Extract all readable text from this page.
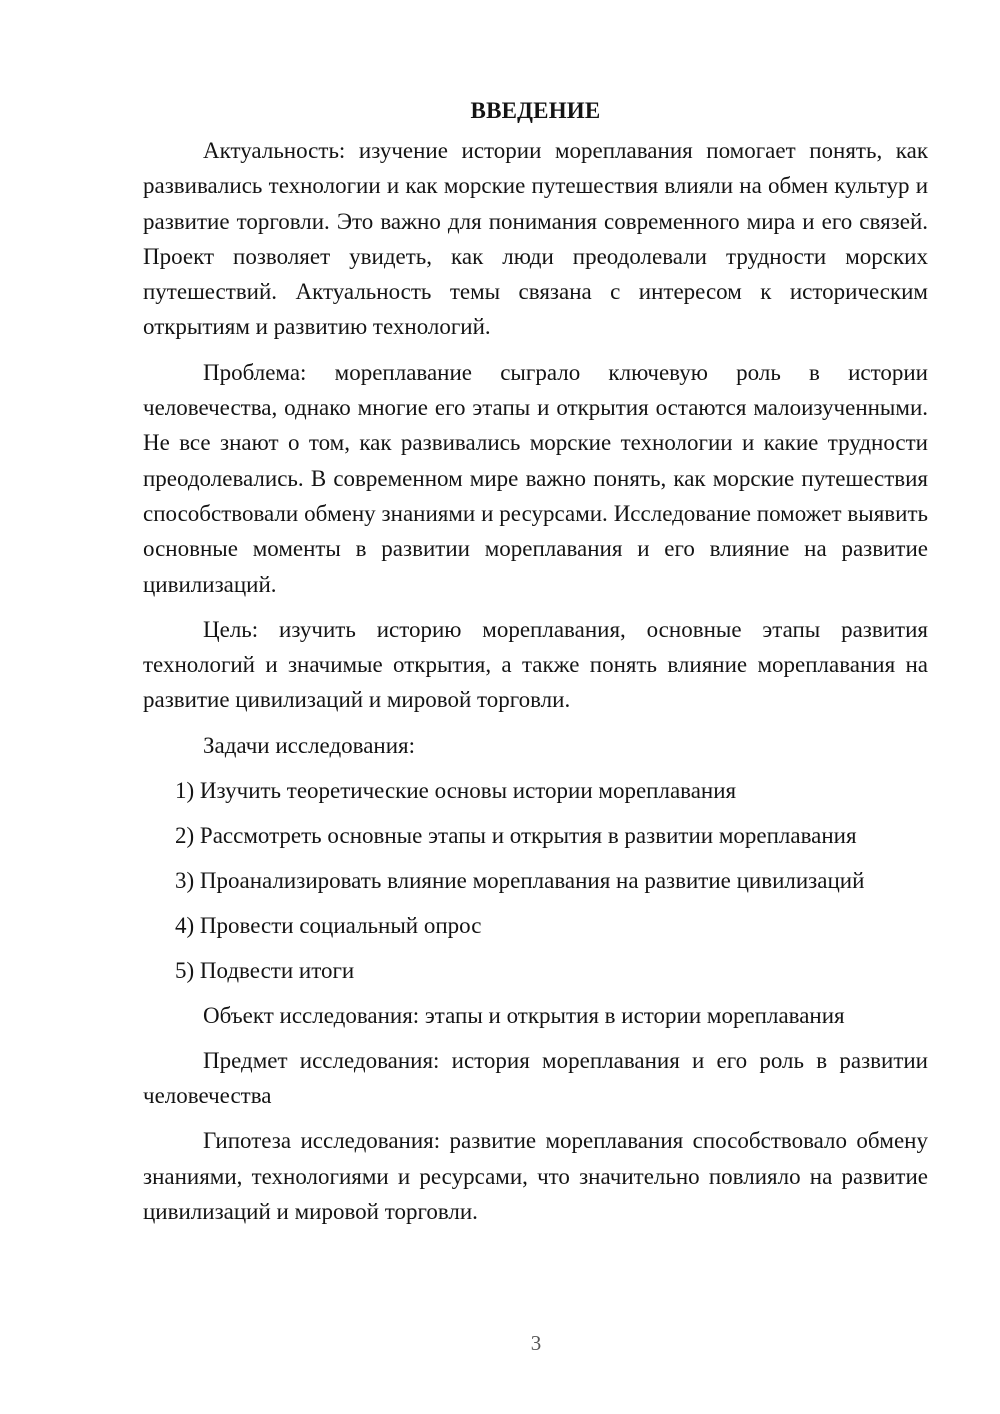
ВВЕДЕНИЕ

Актуальность: изучение истории мореплавания помогает понять, как развивались технологии и как морские путешествия влияли на обмен культур и развитие торговли. Это важно для понимания современного мира и его связей. Проект позволяет увидеть, как люди преодолевали трудности морских путешествий. Актуальность темы связана с интересом к историческим открытиям и развитию технологий.

Проблема: мореплавание сыграло ключевую роль в истории человечества, однако многие его этапы и открытия остаются малоизученными. Не все знают о том, как развивались морские технологии и какие трудности преодолевались. В современном мире важно понять, как морские путешествия способствовали обмену знаниями и ресурсами. Исследование поможет выявить основные моменты в развитии мореплавания и его влияние на развитие цивилизаций.

Цель: изучить историю мореплавания, основные этапы развития технологий и значимые открытия, а также понять влияние мореплавания на развитие цивилизаций и мировой торговли.

Задачи исследования:

1) Изучить теоретические основы истории мореплавания

2) Рассмотреть основные этапы и открытия в развитии мореплавания

3) Проанализировать влияние мореплавания на развитие цивилизаций

4) Провести социальный опрос

5) Подвести итоги

Объект исследования: этапы и открытия в истории мореплавания

Предмет исследования: история мореплавания и его роль в развитии человечества

Гипотеза исследования: развитие мореплавания способствовало обмену знаниями, технологиями и ресурсами, что значительно повлияло на развитие цивилизаций и мировой торговли.

3
